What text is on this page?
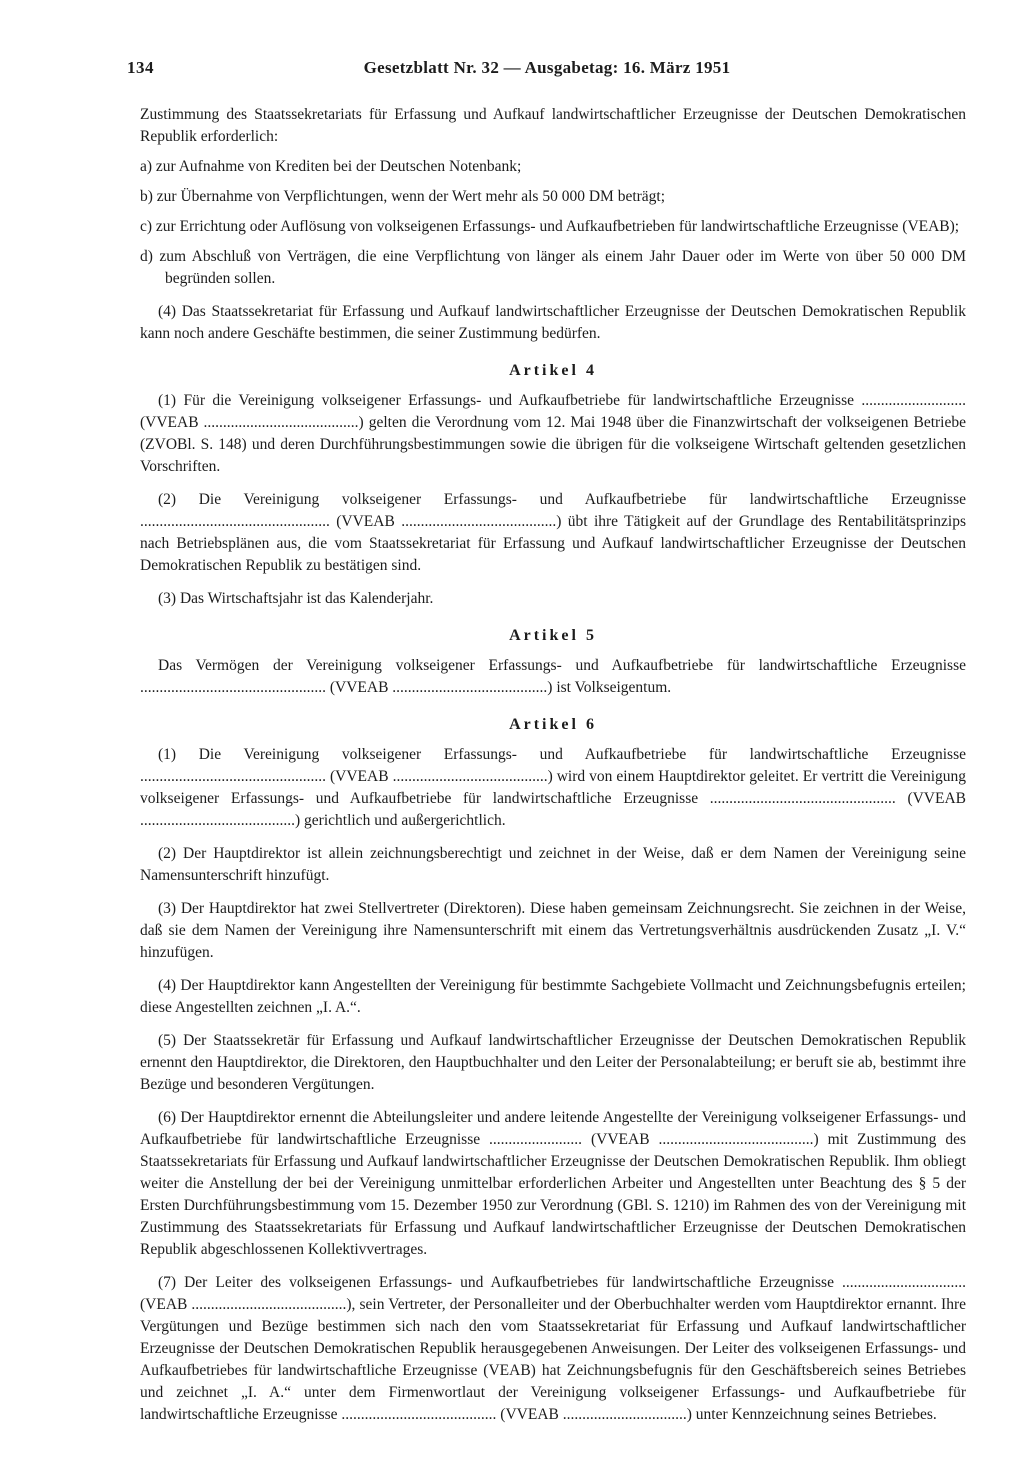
134	Gesetzblatt Nr. 32 — Ausgabetag: 16. März 1951

Zustimmung des Staatssekretariats für Erfassung und Aufkauf landwirtschaftlicher Erzeugnisse der Deutschen Demokratischen Republik erforderlich:

a) zur Aufnahme von Krediten bei der Deutschen Notenbank;

b) zur Übernahme von Verpflichtungen, wenn der Wert mehr als 50 000 DM beträgt;

c) zur Errichtung oder Auflösung von volkseigenen Erfassungs- und Aufkaufbetrieben für landwirtschaftliche Erzeugnisse (VEAB);

d) zum Abschluß von Verträgen, die eine Verpflichtung von länger als einem Jahr Dauer oder im Werte von über 50 000 DM begründen sollen.

(4) Das Staatssekretariat für Erfassung und Aufkauf landwirtschaftlicher Erzeugnisse der Deutschen Demokratischen Republik kann noch andere Geschäfte bestimmen, die seiner Zustimmung bedürfen.

Artikel 4

(1) Für die Vereinigung volkseigener Erfassungs- und Aufkaufbetriebe für landwirtschaftliche Erzeugnisse ........................... (VVEAB ........................................) gelten die Verordnung vom 12. Mai 1948 über die Finanzwirtschaft der volkseigenen Betriebe (ZVOBl. S. 148) und deren Durchführungsbestimmungen sowie die übrigen für die volkseigene Wirtschaft geltenden gesetzlichen Vorschriften.

(2) Die Vereinigung volkseigener Erfassungs- und Aufkaufbetriebe für landwirtschaftliche Erzeugnisse ................................................. (VVEAB ........................................) übt ihre Tätigkeit auf der Grundlage des Rentabilitätsprinzips nach Betriebsplänen aus, die vom Staatssekretariat für Erfassung und Aufkauf landwirtschaftlicher Erzeugnisse der Deutschen Demokratischen Republik zu bestätigen sind.

(3) Das Wirtschaftsjahr ist das Kalenderjahr.

Artikel 5

Das Vermögen der Vereinigung volkseigener Erfassungs- und Aufkaufbetriebe für landwirtschaftliche Erzeugnisse ................................................ (VVEAB ........................................) ist Volkseigentum.

Artikel 6

(1) Die Vereinigung volkseigener Erfassungs- und Aufkaufbetriebe für landwirtschaftliche Erzeugnisse ................................................ (VVEAB ........................................) wird von einem Hauptdirektor geleitet. Er vertritt die Vereinigung volkseigener Erfassungs- und Aufkaufbetriebe für landwirtschaftliche Erzeugnisse ................................................ (VVEAB ........................................) gerichtlich und außergerichtlich.

(2) Der Hauptdirektor ist allein zeichnungsberechtigt und zeichnet in der Weise, daß er dem Namen der Vereinigung seine Namensunterschrift hinzufügt.

(3) Der Hauptdirektor hat zwei Stellvertreter (Direktoren). Diese haben gemeinsam Zeichnungsrecht. Sie zeichnen in der Weise, daß sie dem Namen der Vereinigung ihre Namensunterschrift mit einem das Vertretungsverhältnis ausdrückenden Zusatz „I. V.“ hinzufügen.

(4) Der Hauptdirektor kann Angestellten der Vereinigung für bestimmte Sachgebiete Vollmacht und Zeichnungsbefugnis erteilen; diese Angestellten zeichnen „I. A.“.

(5) Der Staatssekretär für Erfassung und Aufkauf landwirtschaftlicher Erzeugnisse der Deutschen Demokratischen Republik ernennt den Hauptdirektor, die Direktoren, den Hauptbuchhalter und den Leiter der Personalabteilung; er beruft sie ab, bestimmt ihre Bezüge und besonderen Vergütungen.

(6) Der Hauptdirektor ernennt die Abteilungsleiter und andere leitende Angestellte der Vereinigung volkseigener Erfassungs- und Aufkaufbetriebe für landwirtschaftliche Erzeugnisse ........................ (VVEAB ........................................) mit Zustimmung des Staatssekretariats für Erfassung und Aufkauf landwirtschaftlicher Erzeugnisse der Deutschen Demokratischen Republik. Ihm obliegt weiter die Anstellung der bei der Vereinigung unmittelbar erforderlichen Arbeiter und Angestellten unter Beachtung des § 5 der Ersten Durchführungsbestimmung vom 15. Dezember 1950 zur Verordnung (GBl. S. 1210) im Rahmen des von der Vereinigung mit Zustimmung des Staatssekretariats für Erfassung und Aufkauf landwirtschaftlicher Erzeugnisse der Deutschen Demokratischen Republik abgeschlossenen Kollektivvertrages.

(7) Der Leiter des volkseigenen Erfassungs- und Aufkaufbetriebes für landwirtschaftliche Erzeugnisse ................................ (VEAB ........................................), sein Vertreter, der Personalleiter und der Oberbuchhalter werden vom Hauptdirektor ernannt. Ihre Vergütungen und Bezüge bestimmen sich nach den vom Staatssekretariat für Erfassung und Aufkauf landwirtschaftlicher Erzeugnisse der Deutschen Demokratischen Republik herausgegebenen Anweisungen. Der Leiter des volkseigenen Erfassungs- und Aufkaufbetriebes für landwirtschaftliche Erzeugnisse (VEAB) hat Zeichnungsbefugnis für den Geschäftsbereich seines Betriebes und zeichnet „I. A.“ unter dem Firmenwortlaut der Vereinigung volkseigener Erfassungs- und Aufkaufbetriebe für landwirtschaftliche Erzeugnisse ........................................ (VVEAB ................................) unter Kennzeichnung seines Betriebes.
